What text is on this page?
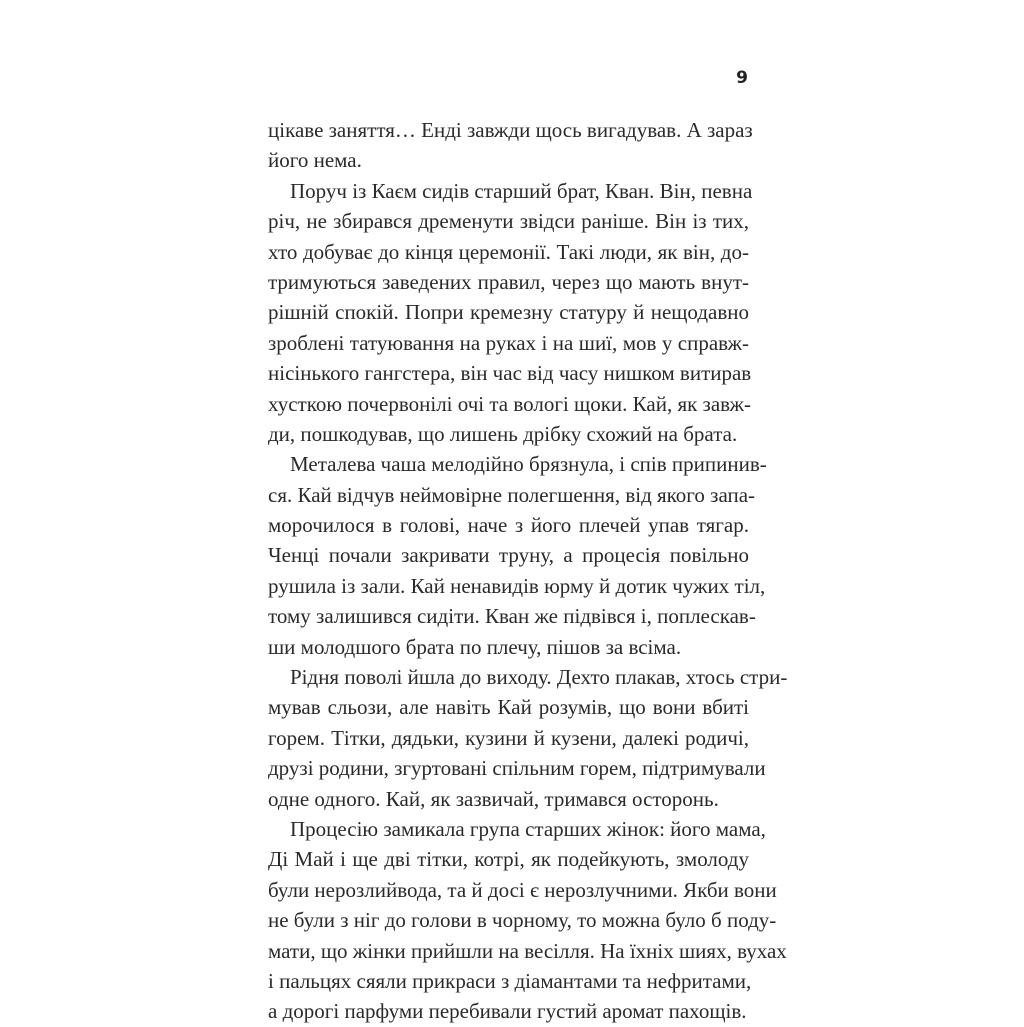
9
цікаве заняття… Енді завжди щось вигадував. А зараз
його нема.
Поруч із Каєм сидів старший брат, Кван. Він, певна
річ, не збирався дременути звідси раніше. Він із тих,
хто добуває до кінця церемонії. Такі люди, як він, до-
тримуються заведених правил, через що мають внут-
рішній спокій. Попри кремезну статуру й нещодавно
зроблені татуювання на руках і на шиї, мов у справж-
нісінького гангстера, він час від часу нишком витирав
хусткою почервонілі очі та вологі щоки. Кай, як завж-
ди, пошкодував, що лишень дрібку схожий на брата.
Металева чаша мелодійно брязнула, і спів припинив-
ся. Кай відчув неймовірне полегшення, від якого запа-
морочилося в голові, наче з його плечей упав тягар.
Ченці почали закривати труну, а процесія повільно
рушила із зали. Кай ненавидів юрму й дотик чужих тіл,
тому залишився сидіти. Кван же підвівся і, поплескав-
ши молодшого брата по плечу, пішов за всіма.
Рідня поволі йшла до виходу. Дехто плакав, хтось стри-
мував сльози, але навіть Кай розумів, що вони вбиті
горем. Тітки, дядьки, кузини й кузени, далекі родичі,
друзі родини, згуртовані спільним горем, підтримували
одне одного. Кай, як зазвичай, тримався осторонь.
Процесію замикала група старших жінок: його мама,
Ді Май і ще дві тітки, котрі, як подейкують, змолоду
були нерозлийвода, та й досі є нерозлучними. Якби вони
не були з ніг до голови в чорному, то можна було б поду-
мати, що жінки прийшли на весілля. На їхніх шиях, вухах
і пальцях сяяли прикраси з діамантами та нефритами,
а дорогі парфуми перебивали густий аромат пахощів.
